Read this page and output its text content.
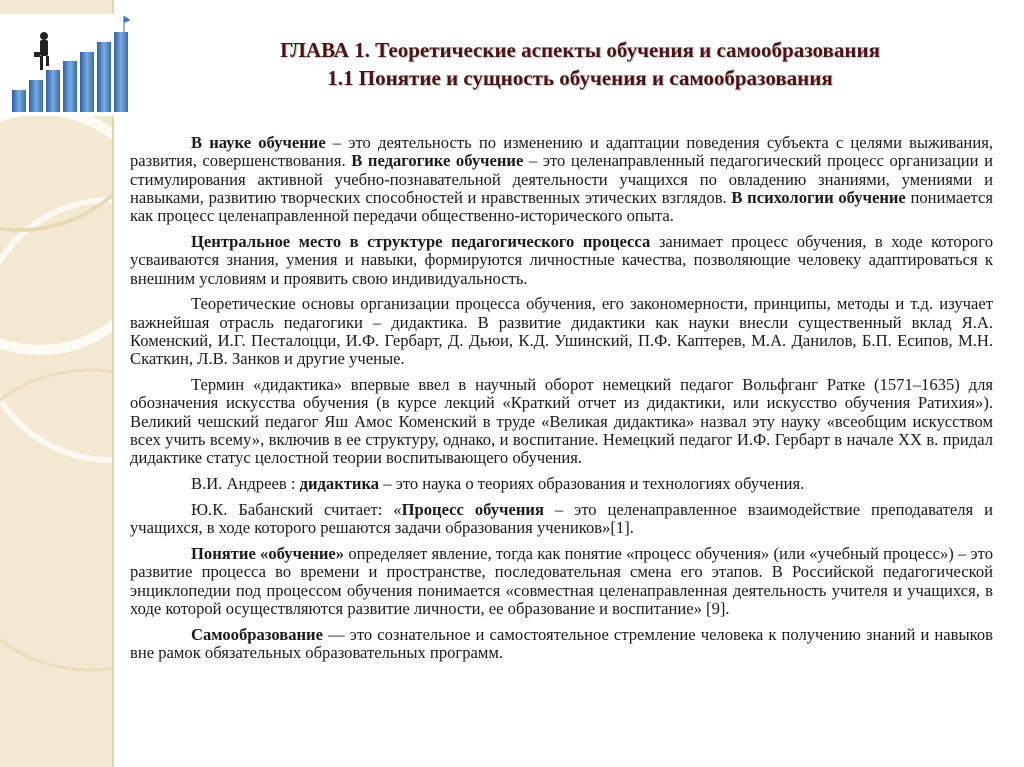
ГЛАВА 1. Теоретические аспекты обучения и самообразования
1.1 Понятие и сущность обучения и самообразования

В науке обучение – это деятельность по изменению и адаптации поведения субъекта с целями выживания, развития, совершенствования. В педагогике обучение – это целенаправленный педагогический процесс организации и стимулирования активной учебно-познавательной деятельности учащихся по овладению знаниями, умениями и навыками, развитию творческих способностей и нравственных этических взглядов. В психологии обучение понимается как процесс целенаправленной передачи общественно-исторического опыта.

Центральное место в структуре педагогического процесса занимает процесс обучения, в ходе которого усваиваются знания, умения и навыки, формируются личностные качества, позволяющие человеку адаптироваться к внешним условиям и проявить свою индивидуальность.

Теоретические основы организации процесса обучения, его закономерности, принципы, методы и т.д. изучает важнейшая отрасль педагогики – дидактика. В развитие дидактики как науки внесли существенный вклад Я.А. Коменский, И.Г. Песталоцци, И.Ф. Гербарт, Д. Дьюи, К.Д. Ушинский, П.Ф. Каптерев, М.А. Данилов, Б.П. Есипов, М.Н. Скаткин, Л.В. Занков и другие ученые.

Термин «дидактика» впервые ввел в научный оборот немецкий педагог Вольфганг Ратке (1571–1635) для обозначения искусства обучения (в курсе лекций «Краткий отчет из дидактики, или искусство обучения Ратихия»). Великий чешский педагог Яш Амос Коменский в труде «Великая дидактика» назвал эту науку «всеобщим искусством всех учить всему», включив в ее структуру, однако, и воспитание. Немецкий педагог И.Ф. Гербарт в начале XX в. придал дидактике статус целостной теории воспитывающего обучения.

В.И. Андреев : дидактика – это наука о теориях образования и технологиях обучения.

Ю.К. Бабанский считает: «Процесс обучения – это целенаправленное взаимодействие преподавателя и учащихся, в ходе которого решаются задачи образования учеников»[1].

Понятие «обучение» определяет явление, тогда как понятие «процесс обучения» (или «учебный процесс») – это развитие процесса во времени и пространстве, последовательная смена его этапов. В Российской педагогической энциклопедии под процессом обучения понимается «совместная целенаправленная деятельность учителя и учащихся, в ходе которой осуществляются развитие личности, ее образование и воспитание» [9].

Самообразование — это сознательное и самостоятельное стремление человека к получению знаний и навыков вне рамок обязательных образовательных программ.
